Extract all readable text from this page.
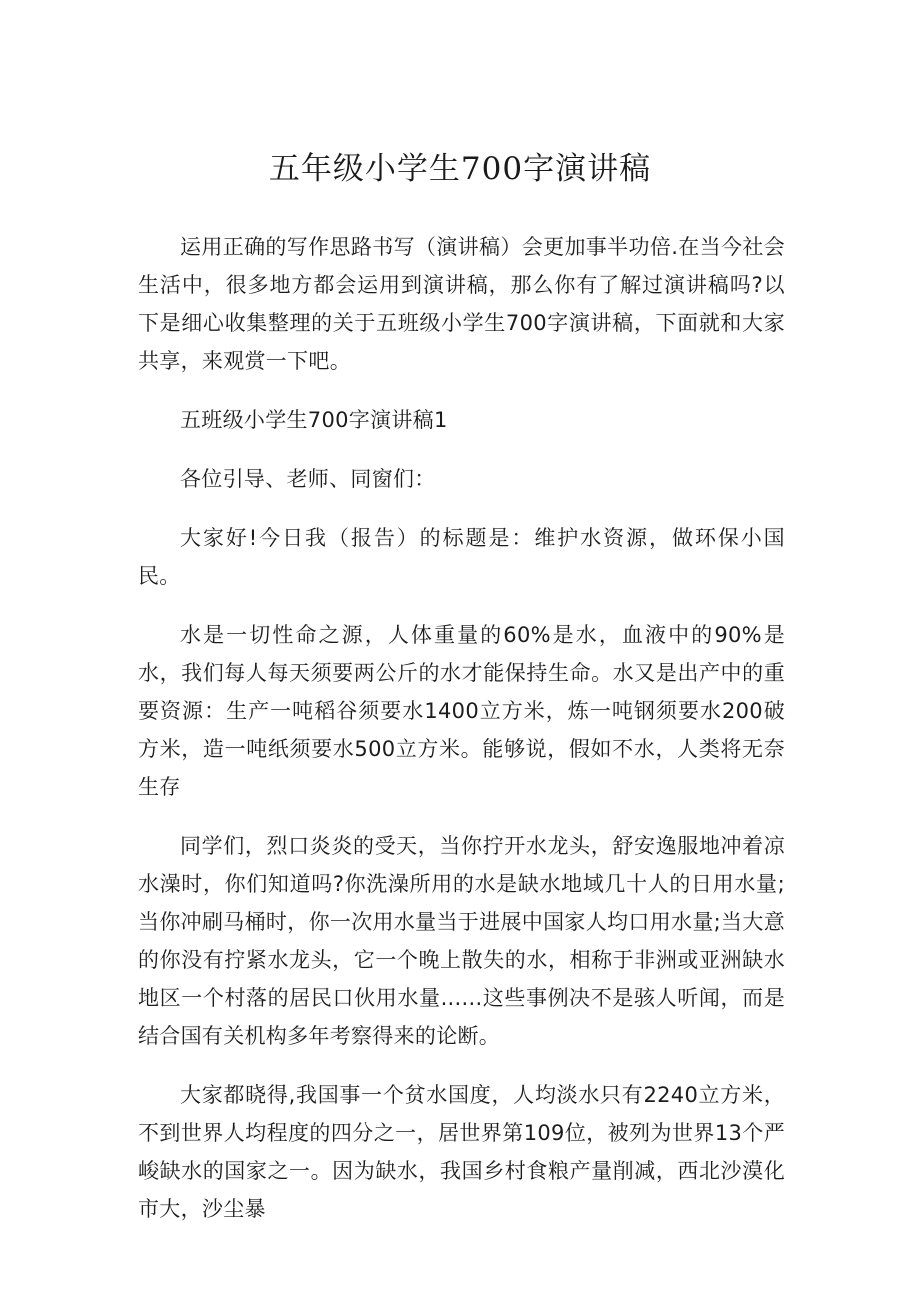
五年级小学生700字演讲稿

运用正确的写作思路书写（演讲稿）会更加事半功倍.在当今社会生活中，很多地方都会运用到演讲稿，那么你有了解过演讲稿吗?以下是细心收集整理的关于五班级小学生700字演讲稿，下面就和大家共享，来观赏一下吧。

五班级小学生700字演讲稿1

各位引导、老师、同窗们：

大家好!今日我（报告）的标题是：维护水资源，做环保小国民。

水是一切性命之源，人体重量的60%是水，血液中的90%是水，我们每人每天须要两公斤的水才能保持生命。水又是出产中的重要资源：生产一吨稻谷须要水1400立方米，炼一吨钢须要水200破方米，造一吨纸须要水500立方米。能够说，假如不水，人类将无奈生存

同学们，烈口炎炎的受天，当你拧开水龙头，舒安逸服地冲着凉水澡时，你们知道吗?你洗澡所用的水是缺水地域几十人的日用水量;当你冲刷马桶时，你一次用水量当于进展中国家人均口用水量;当大意的你没有拧紧水龙头，它一个晚上散失的水，相称于非洲或亚洲缺水地区一个村落的居民口伙用水量......这些事例决不是骇人听闻，而是结合国有关机构多年考察得来的论断。

大家都晓得,我国事一个贫水国度，人均淡水只有2240立方米，不到世界人均程度的四分之一，居世界第109位，被列为世界13个严峻缺水的国家之一。因为缺水，我国乡村食粮产量削减，西北沙漠化市大，沙尘暴
